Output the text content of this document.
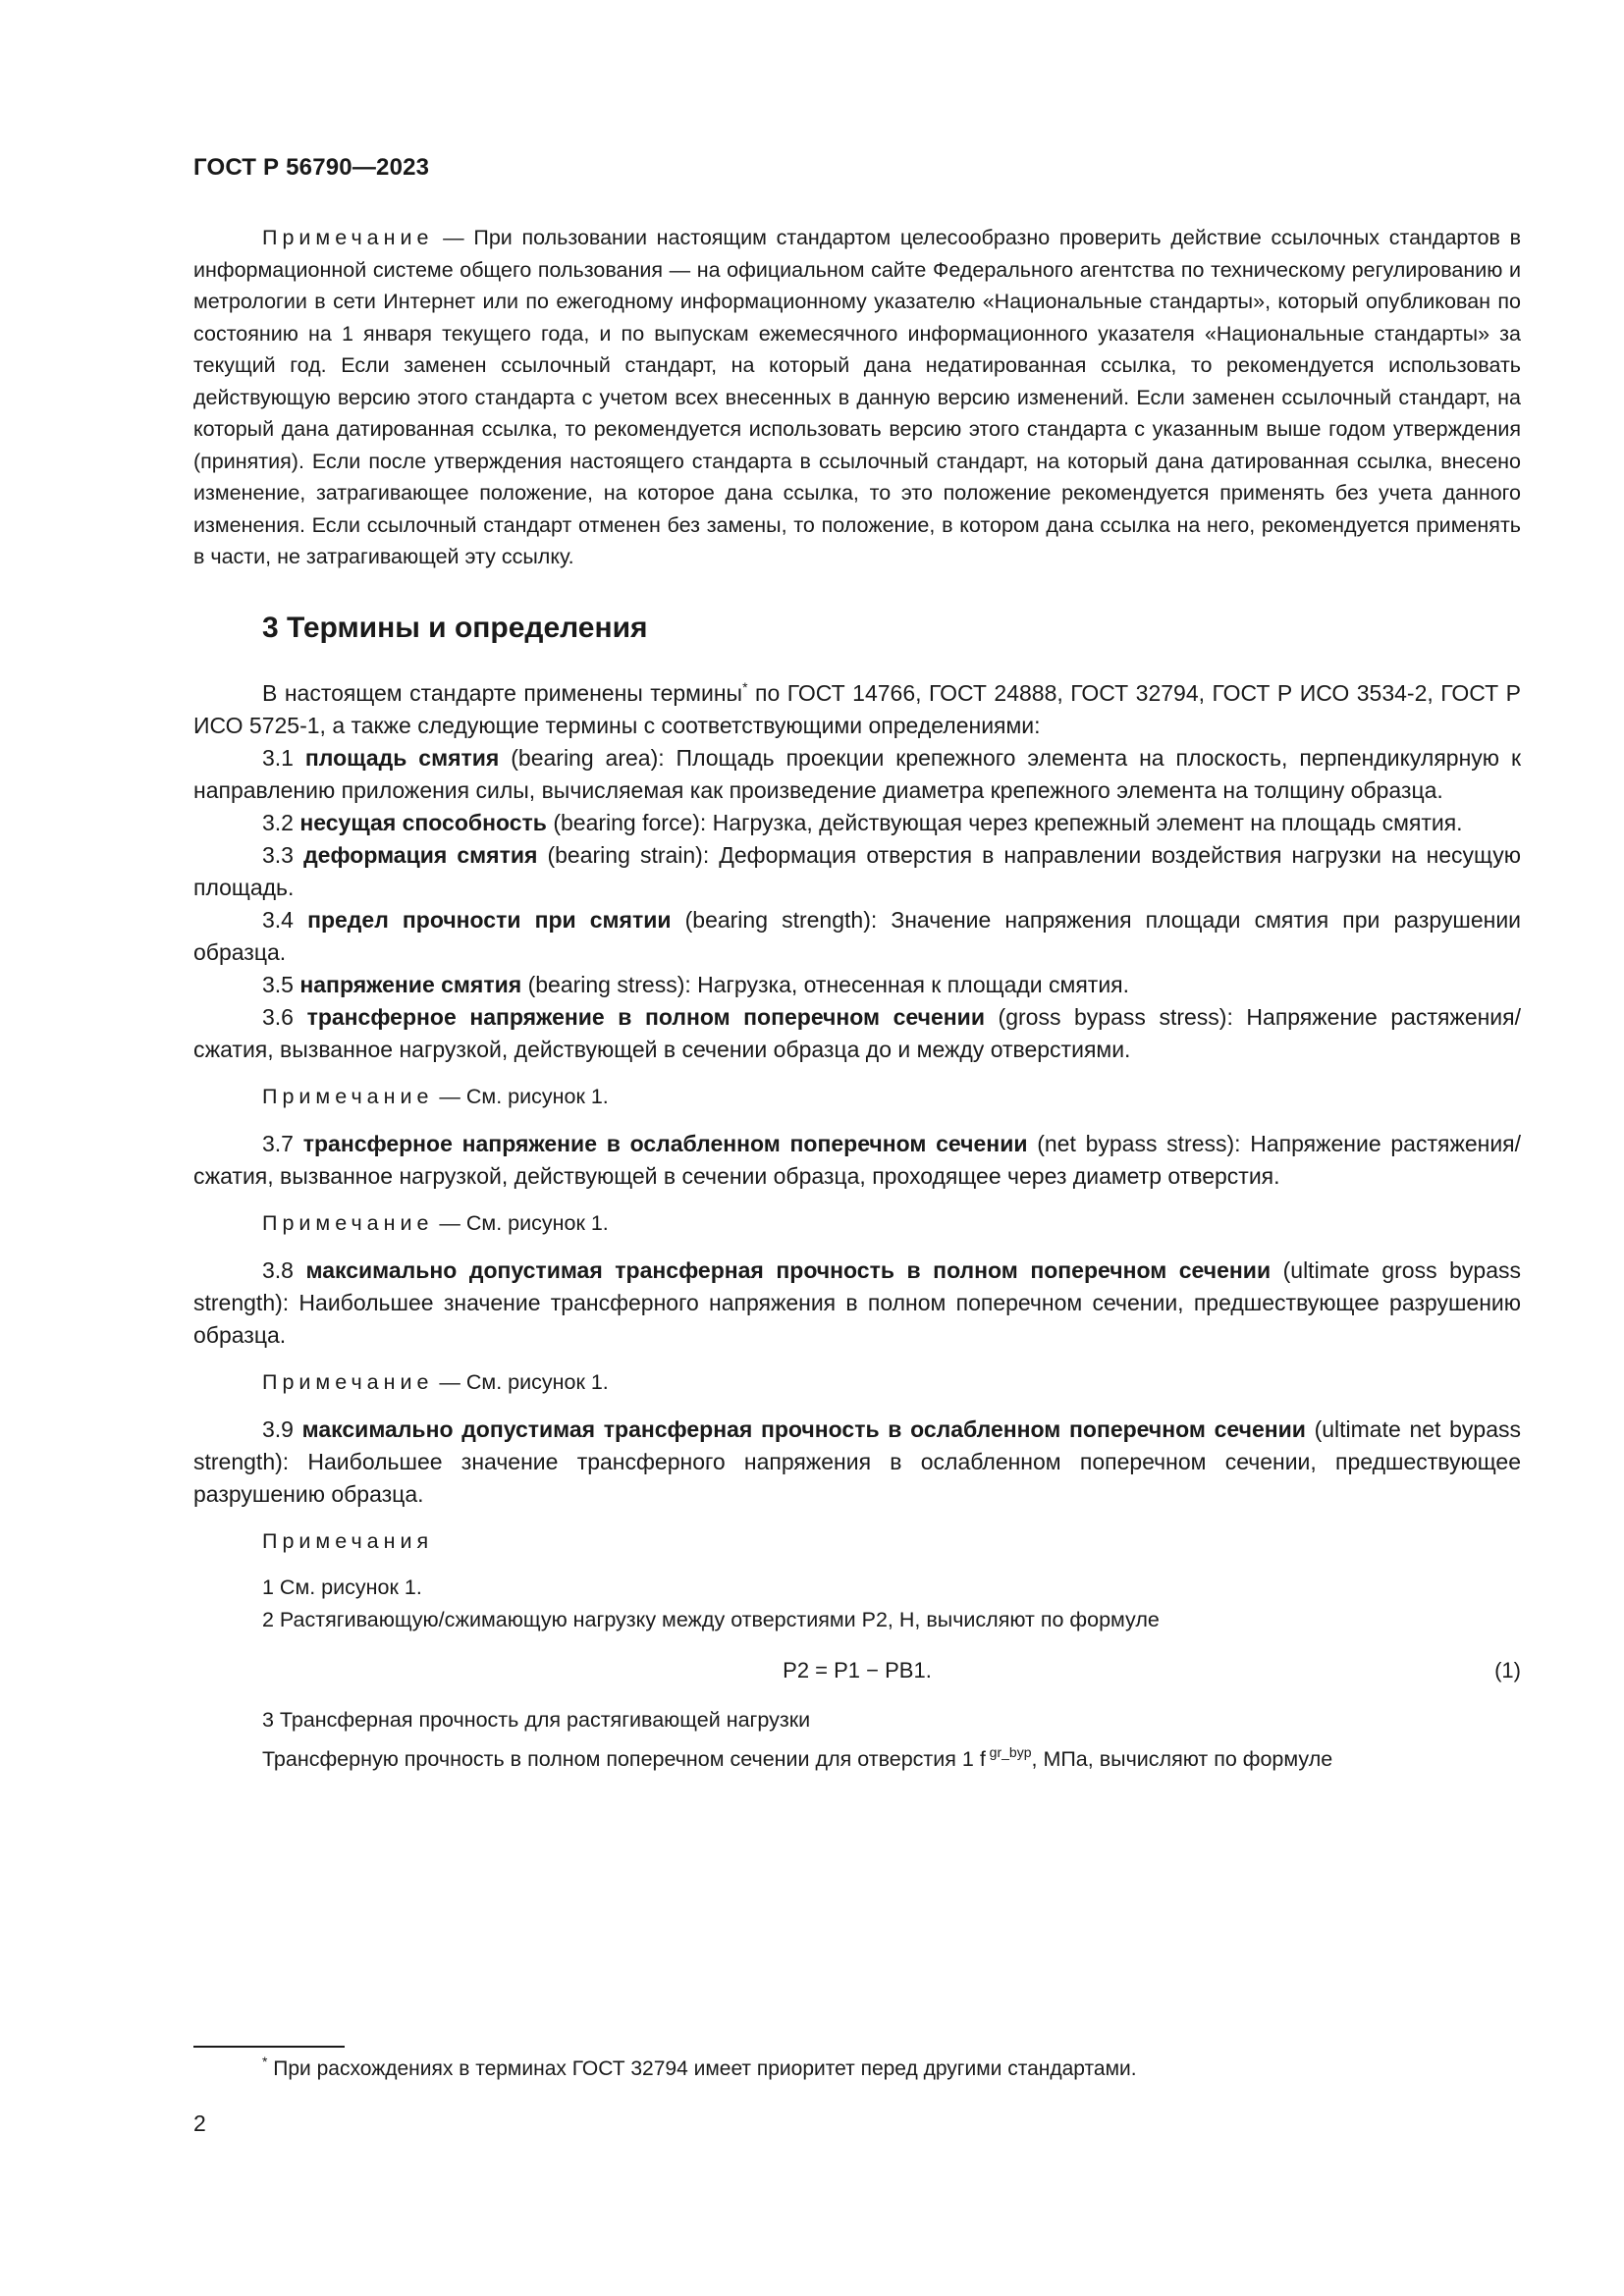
ГОСТ Р 56790—2023

Примечание — При пользовании настоящим стандартом целесообразно проверить действие ссылочных стандартов в информационной системе общего пользования — на официальном сайте Федерального агентства по техническому регулированию и метрологии в сети Интернет или по ежегодному информационному указателю «Национальные стандарты», который опубликован по состоянию на 1 января текущего года, и по выпускам ежемесячного информационного указателя «Национальные стандарты» за текущий год. Если заменен ссылочный стандарт, на который дана недатированная ссылка, то рекомендуется использовать действующую версию этого стандарта с учетом всех внесенных в данную версию изменений. Если заменен ссылочный стандарт, на который дана датированная ссылка, то рекомендуется использовать версию этого стандарта с указанным выше годом утверждения (принятия). Если после утверждения настоящего стандарта в ссылочный стандарт, на который дана датированная ссылка, внесено изменение, затрагивающее положение, на которое дана ссылка, то это положение рекомендуется применять без учета данного изменения. Если ссылочный стандарт отменен без замены, то положение, в котором дана ссылка на него, рекомендуется применять в части, не затрагивающей эту ссылку.

3 Термины и определения

В настоящем стандарте применены термины* по ГОСТ 14766, ГОСТ 24888, ГОСТ 32794, ГОСТ Р ИСО 3534-2, ГОСТ Р ИСО 5725-1, а также следующие термины с соответствующими определениями:

3.1 площадь смятия (bearing area): Площадь проекции крепежного элемента на плоскость, перпендикулярную к направлению приложения силы, вычисляемая как произведение диаметра крепежного элемента на толщину образца.

3.2 несущая способность (bearing force): Нагрузка, действующая через крепежный элемент на площадь смятия.

3.3 деформация смятия (bearing strain): Деформация отверстия в направлении воздействия нагрузки на несущую площадь.

3.4 предел прочности при смятии (bearing strength): Значение напряжения площади смятия при разрушении образца.

3.5 напряжение смятия (bearing stress): Нагрузка, отнесенная к площади смятия.

3.6 трансферное напряжение в полном поперечном сечении (gross bypass stress): Напряжение растяжения/сжатия, вызванное нагрузкой, действующей в сечении образца до и между отверстиями.

Примечание — См. рисунок 1.

3.7 трансферное напряжение в ослабленном поперечном сечении (net bypass stress): Напряжение растяжения/сжатия, вызванное нагрузкой, действующей в сечении образца, проходящее через диаметр отверстия.

Примечание — См. рисунок 1.

3.8 максимально допустимая трансферная прочность в полном поперечном сечении (ultimate gross bypass strength): Наибольшее значение трансферного напряжения в полном поперечном сечении, предшествующее разрушению образца.

Примечание — См. рисунок 1.

3.9 максимально допустимая трансферная прочность в ослабленном поперечном сечении (ultimate net bypass strength): Наибольшее значение трансферного напряжения в ослабленном поперечном сечении, предшествующее разрушению образца.

Примечания

1 См. рисунок 1.

2 Растягивающую/сжимающую нагрузку между отверстиями P2, Н, вычисляют по формуле

P2 = P1 − PB1.	(1)

3 Трансферная прочность для растягивающей нагрузки

Трансферную прочность в полном поперечном сечении для отверстия 1 f $^{gr\_byp}$, МПа, вычисляют по формуле

* При расхождениях в терминах ГОСТ 32794 имеет приоритет перед другими стандартами.
2
